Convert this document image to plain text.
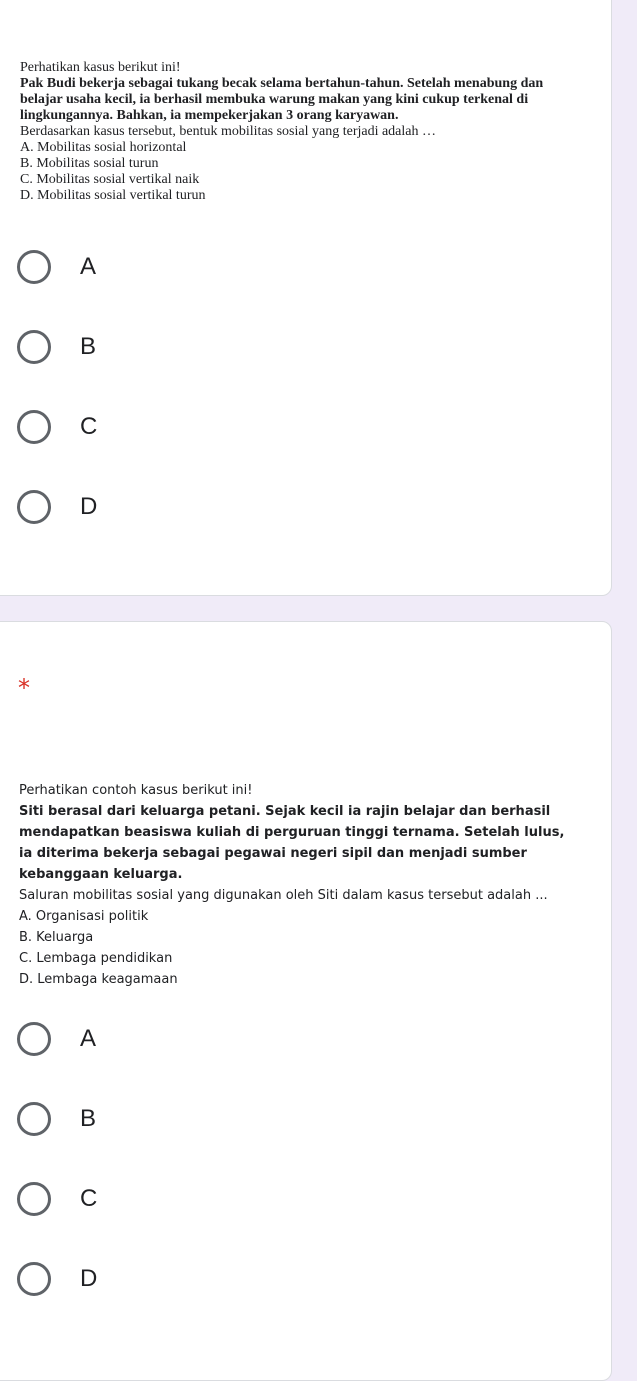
Perhatikan kasus berikut ini!
Pak Budi bekerja sebagai tukang becak selama bertahun-tahun. Setelah menabung dan belajar usaha kecil, ia berhasil membuka warung makan yang kini cukup terkenal di lingkungannya. Bahkan, ia mempekerjakan 3 orang karyawan.
Berdasarkan kasus tersebut, bentuk mobilitas sosial yang terjadi adalah …
A. Mobilitas sosial horizontal
B. Mobilitas sosial turun
C. Mobilitas sosial vertikal naik
D. Mobilitas sosial vertikal turun
A
B
C
D
*
Perhatikan contoh kasus berikut ini!
Siti berasal dari keluarga petani. Sejak kecil ia rajin belajar dan berhasil mendapatkan beasiswa kuliah di perguruan tinggi ternama. Setelah lulus, ia diterima bekerja sebagai pegawai negeri sipil dan menjadi sumber kebanggaan keluarga.
Saluran mobilitas sosial yang digunakan oleh Siti dalam kasus tersebut adalah ...
A. Organisasi politik
B. Keluarga
C. Lembaga pendidikan
D. Lembaga keagamaan
A
B
C
D
